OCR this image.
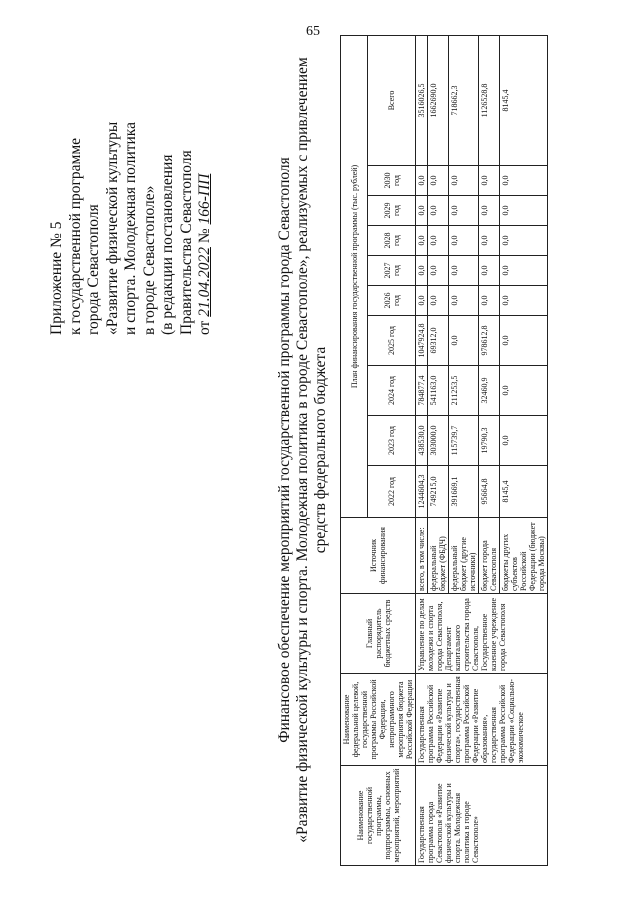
65
Приложение № 5 к государственной программе города Севастополя «Развитие физической культуры и спорта. Молодежная политика в городе Севастополе» (в редакции постановления Правительства Севастополя от 21.04.2022 № 166-ПП	Финансовое обеспечение мероприятий государственной программы города Севастополя «Развитие физической культуры и спорта. Молодежная политика в городе Севастополе», реализуемых с привлечением средств федерального бюджета
Наименование государственной программы, подпрограммы, основных мероприятий, мероприятий	Наименование федеральной целевой, государственной программы Российской Федерации, непрограммного мероприятия бюджета Российской Федерации	Главный распорядитель бюджетных средств	Источник финансирования	План финансирования государственной программы (тыс. рублей)									
				2022 год	2023 год	2024 год	2025 год	2026 год	2027 год	2028 год	2029 год	2030 год	Всего
Государственная программа города Севастополя «Развитие физической культуры и спорта. Молодежная политика в городе Севастополе»	Государственная программа Российской Федерации «Развитие физической культуры и спорта», государственная программа Российской Федерации «Развитие образования», государственная программа Российской Федерации «Социально-экономическое	Управление по делам молодежи и спорта города Севастополя, Департамент капитального строительства города Севастополя, Государственное казенное учреждение города Севастополя	всего, в том числе:	1244604,3	438530,0	784877,4	1047924,8	0,0	0,0	0,0	0,0	0,0	3516026,5
			федеральный бюджет (ФБДЧ)	749215,0	303000,0	541163,0	69312,0	0,0	0,0	0,0	0,0	0,0	1662690,0
			федеральный бюджет (другие источники)	391669,1	115739,7	211253,5	0,0	0,0	0,0	0,0	0,0	0,0	718662,3
			бюджет города Севастополя	95664,8	19790,3	32460,9	978612,8	0,0	0,0	0,0	0,0	0,0	1126528,8
			бюджеты других субъектов Российской Федерации (бюджет города Москвы)	8145,4	0,0	0,0	0,0	0,0	0,0	0,0	0,0	0,0	8145,4
